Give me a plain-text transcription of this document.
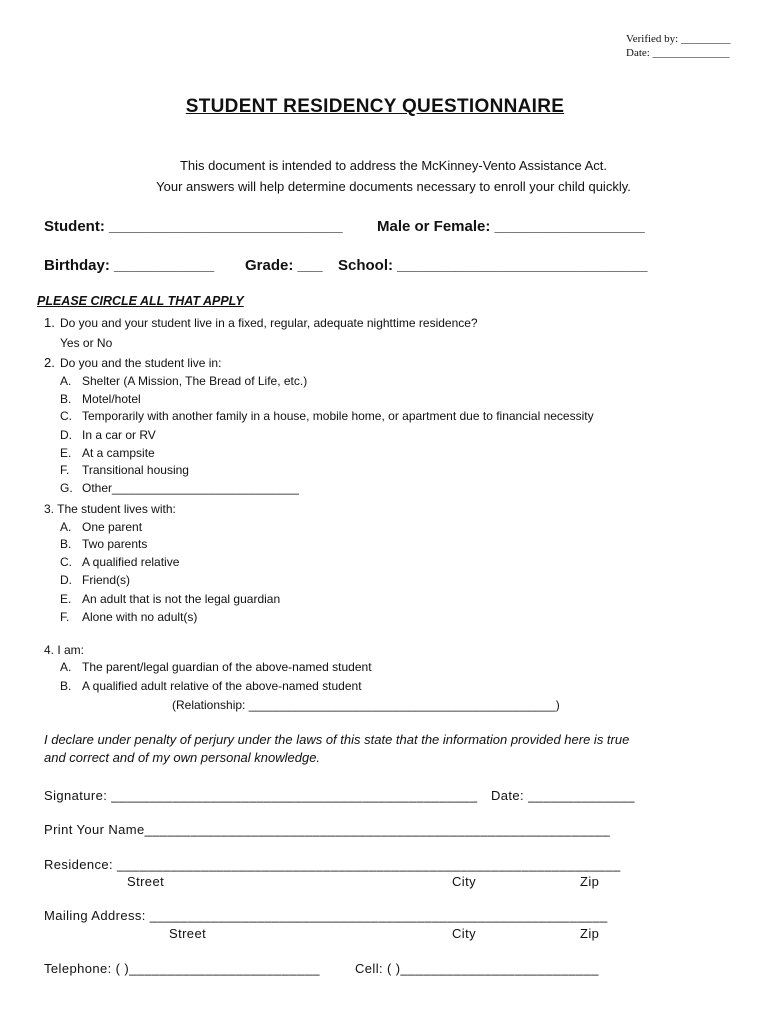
Verified by: _________
Date: ______________
STUDENT RESIDENCY QUESTIONNAIRE
This document is intended to address the McKinney-Vento Assistance Act.
Your answers will help determine documents necessary to enroll your child quickly.
Student: ____________________________ Male or Female: __________________
Birthday: ____________ Grade: ___ School: ______________________________
PLEASE CIRCLE ALL THAT APPLY
1. Do you and your student live in a fixed, regular, adequate nighttime residence?
Yes or No
2. Do you and the student live in:
A. Shelter (A Mission, The Bread of Life, etc.)
B. Motel/hotel
C. Temporarily with another family in a house, mobile home, or apartment due to financial necessity
D. In a car or RV
E. At a campsite
F. Transitional housing
G. Other____________________________
3. The student lives with:
A. One parent
B. Two parents
C. A qualified relative
D. Friend(s)
E. An adult that is not the legal guardian
F. Alone with no adult(s)
4. I am:
A. The parent/legal guardian of the above-named student
B. A qualified adult relative of the above-named student
(Relationship: ______________________________________________)
I declare under penalty of perjury under the laws of this state that the information provided here is true
and correct and of my own personal knowledge.
Signature: ________________________________________________ Date: ______________
Print Your Name_____________________________________________________________
Residence: __________________________________________________________________
Street	City	Zip
Mailing Address: ____________________________________________________________
Street	City	Zip
Telephone: ( )_________________________	Cell: ( )__________________________
